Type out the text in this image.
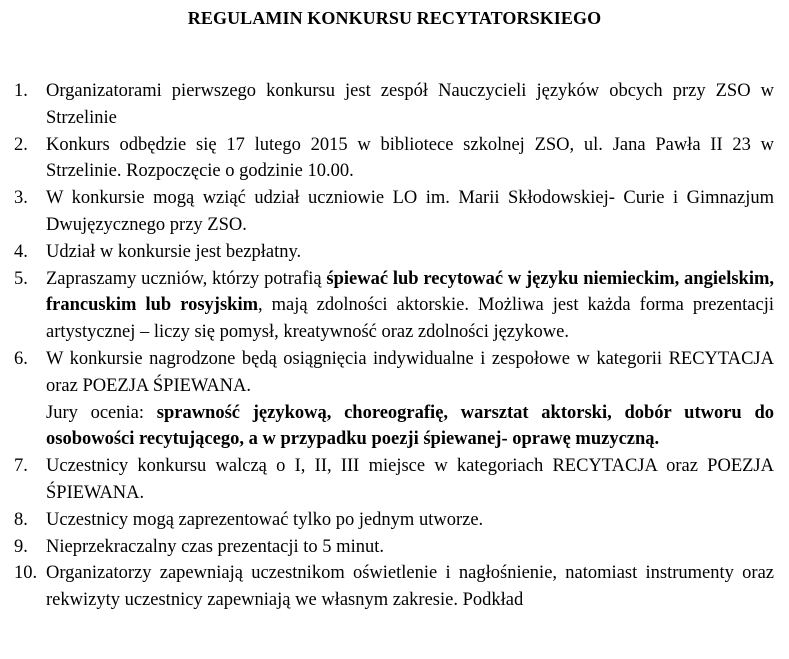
REGULAMIN KONKURSU RECYTATORSKIEGO
1. Organizatorami pierwszego konkursu jest zespół Nauczycieli języków obcych przy ZSO w Strzelinie
2. Konkurs odbędzie się 17 lutego 2015 w bibliotece szkolnej ZSO, ul. Jana Pawła II 23 w Strzelinie. Rozpoczęcie o godzinie 10.00.
3. W konkursie mogą wziąć udział uczniowie LO im. Marii Skłodowskiej- Curie i Gimnazjum Dwujęzycznego przy ZSO.
4. Udział w konkursie jest bezpłatny.
5. Zapraszamy uczniów, którzy potrafią śpiewać lub recytować w języku niemieckim, angielskim, francuskim lub rosyjskim, mają zdolności aktorskie. Możliwa jest każda forma prezentacji artystycznej – liczy się pomysł, kreatywność oraz zdolności językowe.
6. W konkursie nagrodzone będą osiągnięcia indywidualne i zespołowe w kategorii RECYTACJA oraz POEZJA ŚPIEWANA.

Jury ocenia: sprawność językową, choreografię, warsztat aktorski, dobór utworu do osobowości recytującego, a w przypadku poezji śpiewanej- oprawę muzyczną.

7. Uczestnicy konkursu walczą o I, II, III miejsce w kategoriach RECYTACJA oraz POEZJA ŚPIEWANA.
8. Uczestnicy mogą zaprezentować tylko po jednym utworze.
9. Nieprzekraczalny czas prezentacji to 5 minut.
10. Organizatorzy zapewniają uczestnikom oświetlenie i nagłośnienie, natomiast instrumenty oraz rekwizyty uczestnicy zapewniają we własnym zakresie. Podkład
